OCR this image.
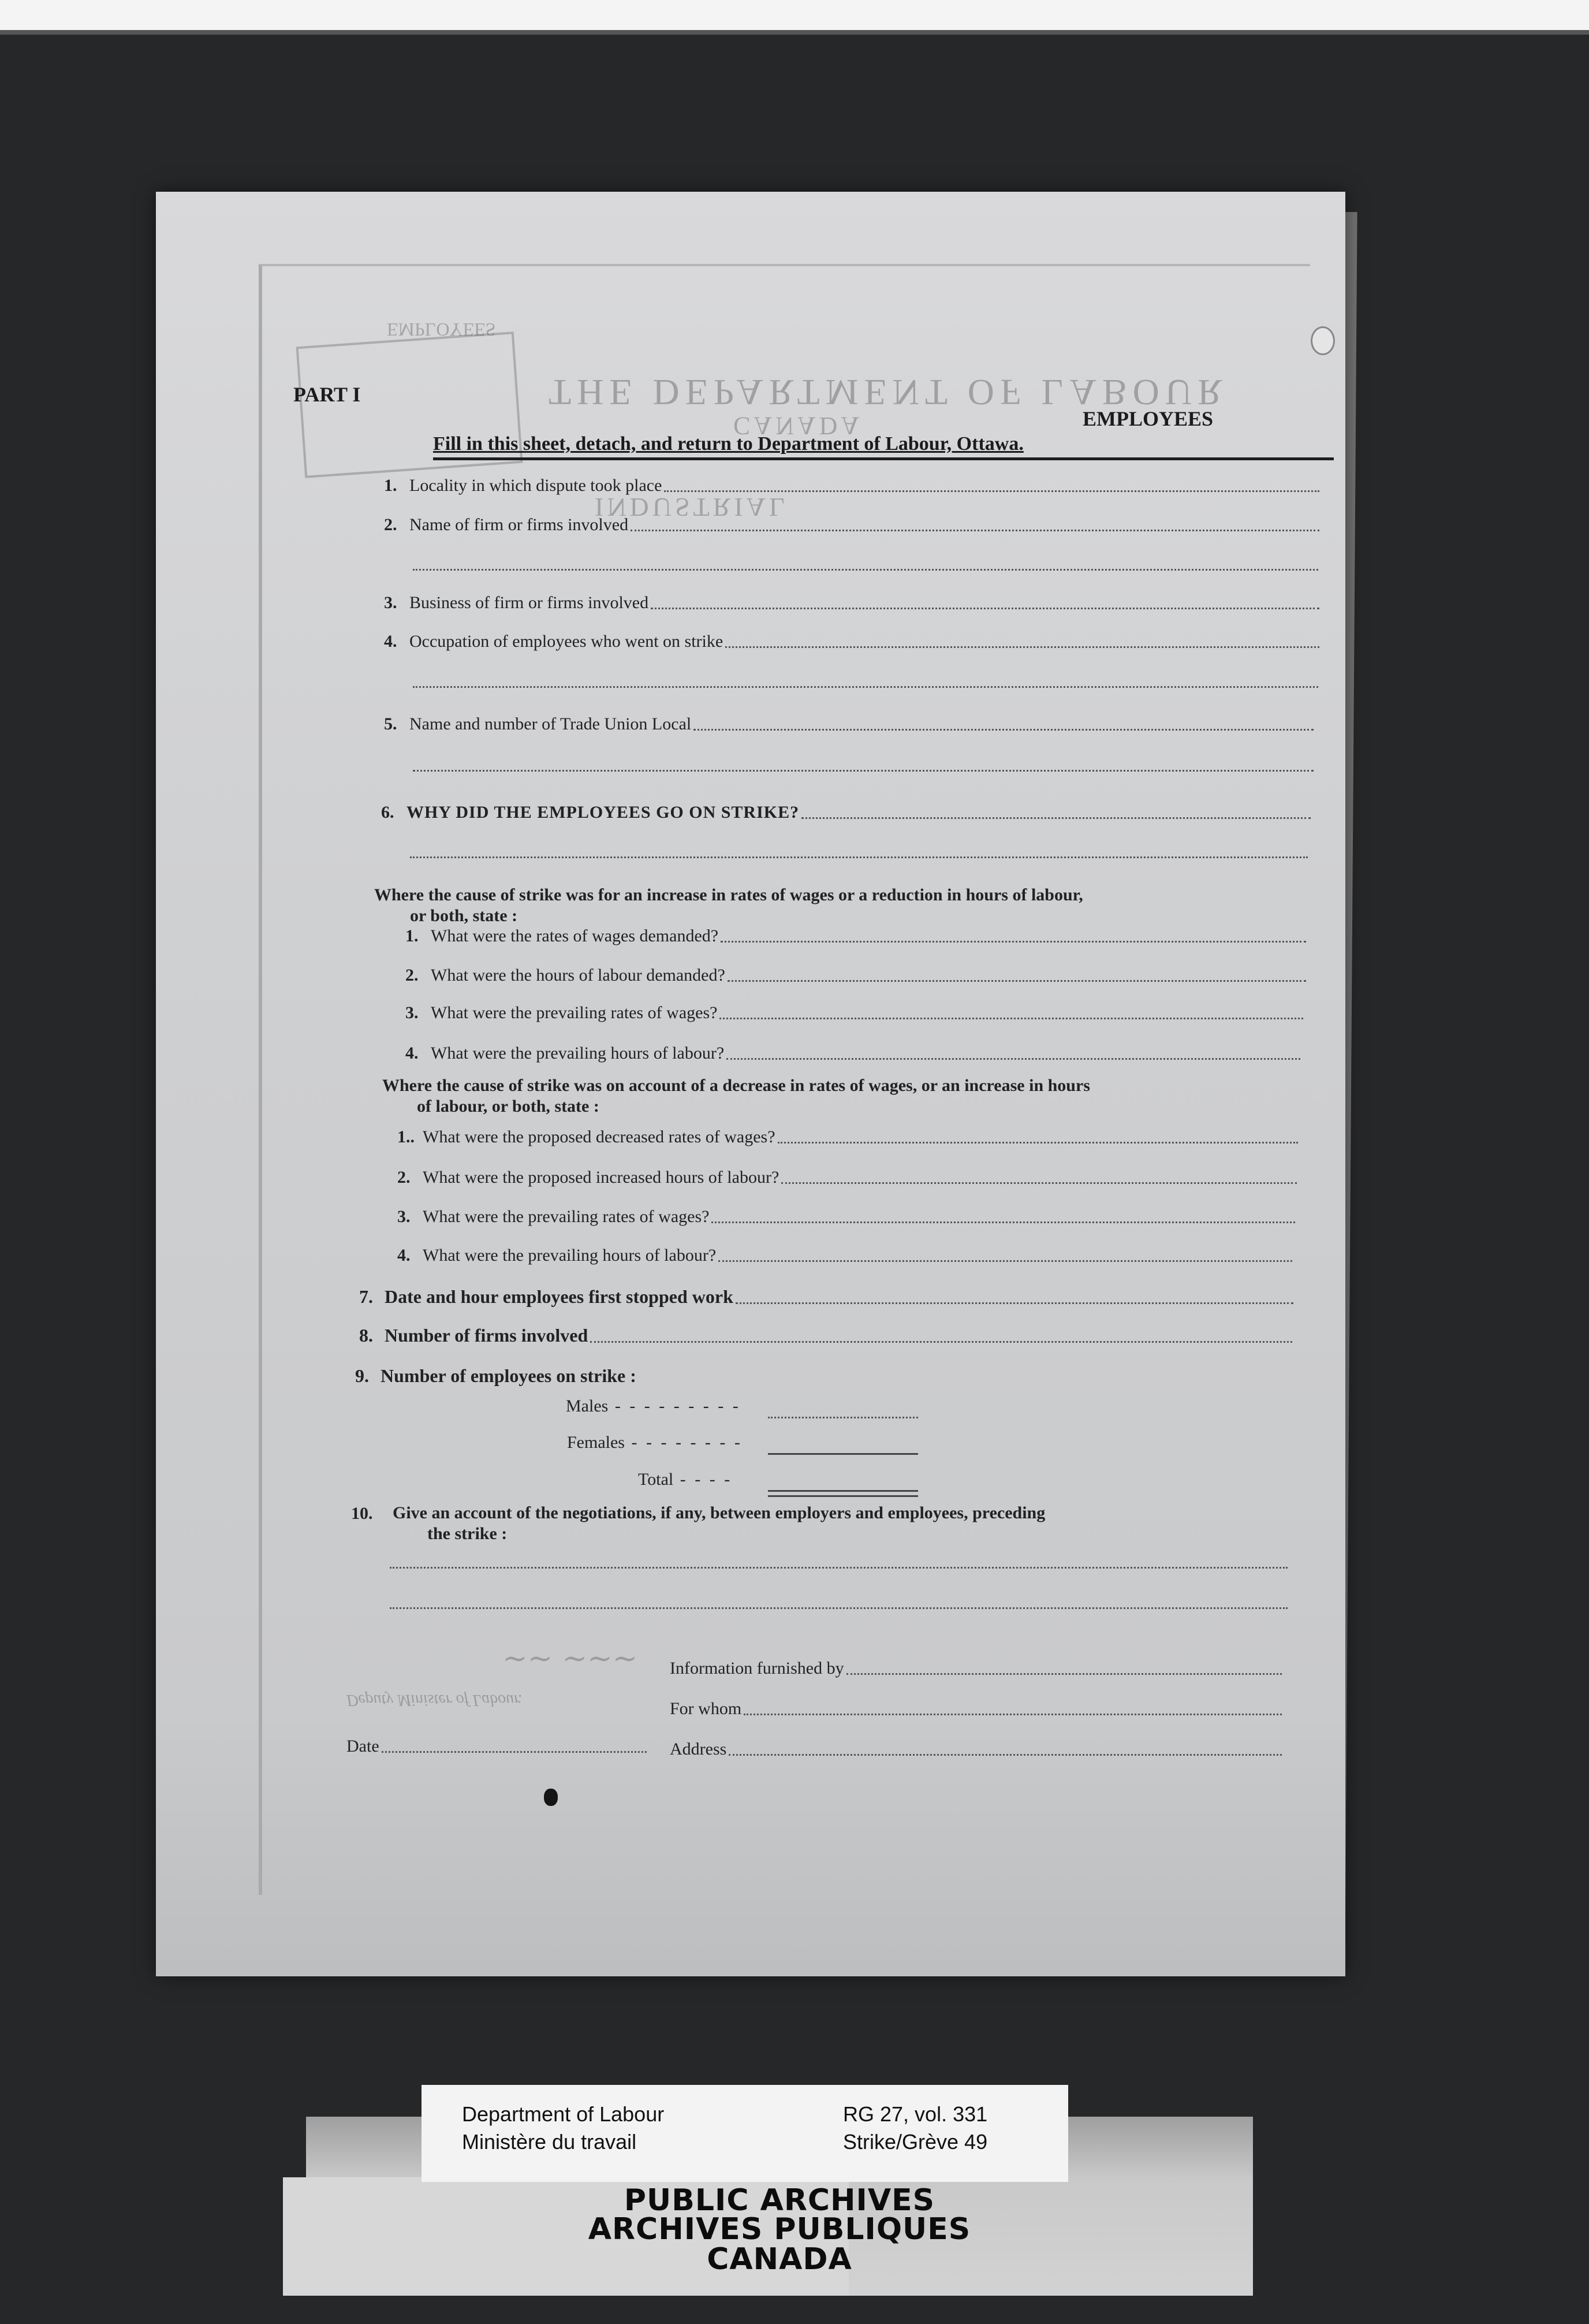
EMPLOYEES
THE DEPARTMENT OF LABOUR
CANADA
INDUSTRIAL
Deputy Minister of Labour.
PART I
EMPLOYEES
Fill in this sheet, detach, and return to Department of Labour, Ottawa.
1. Locality in which dispute took place
2. Name of firm or firms involved
3. Business of firm or firms involved
4. Occupation of employees who went on strike
5. Name and number of Trade Union Local
6. WHY DID THE EMPLOYEES GO ON STRIKE?
Where the cause of strike was for an increase in rates of wages or a reduction in hours of labour,
or both, state :
1. What were the rates of wages demanded?
2. What were the hours of labour demanded?
3. What were the prevailing rates of wages?
4. What were the prevailing hours of labour?
Where the cause of strike was on account of a decrease in rates of wages, or an increase in hours
of labour, or both, state :
1.. What were the proposed decreased rates of wages?
2. What were the proposed increased hours of labour?
3. What were the prevailing rates of wages?
4. What were the prevailing hours of labour?
7. Date and hour employees first stopped work
8. Number of firms involved
9. Number of employees on strike :
Males - - - - - - - - -
Females - - - - - - - -
Total - - - -
10. Give an account of the negotiations, if any, between employers and employees, preceding
the strike :
~~ ~~~ Information furnished by
For whom
Date	Address
Department of Labour
Ministère du travail
RG 27, vol. 331
Strike/Grève 49
PUBLIC ARCHIVES
ARCHIVES PUBLIQUES
CANADA
